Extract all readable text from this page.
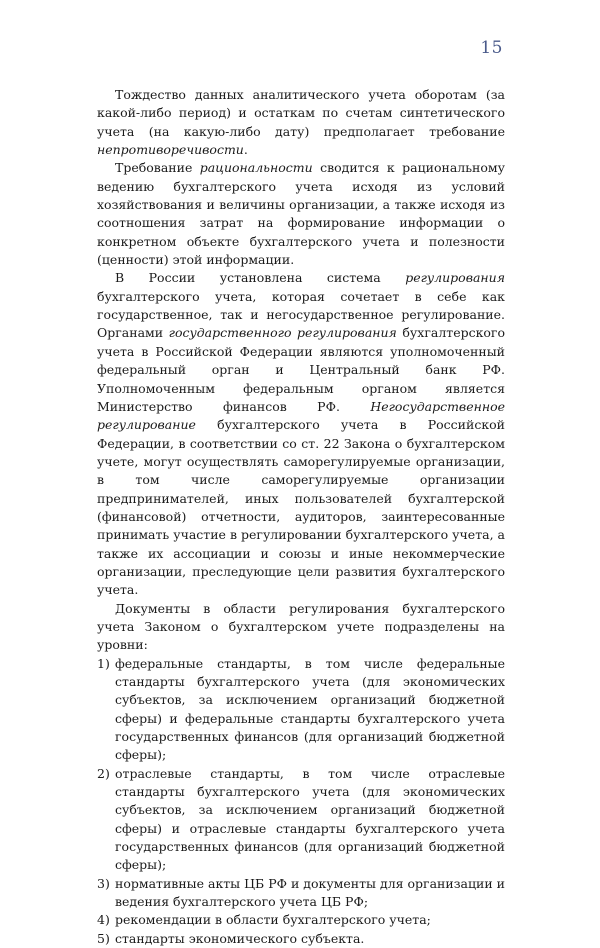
15

Тождество данных аналитического учета оборотам (за какой-либо период) и остаткам по счетам синтетического учета (на какую-либо дату) предполагает требование непротиворечивости.

Требование рациональности сводится к рациональному ведению бухгалтерского учета исходя из условий хозяйствования и величины организации, а также исходя из соотношения затрат на формирование информации о конкретном объекте бухгалтерского учета и полезности (ценности) этой информации.

В России установлена система регулирования бухгалтерского учета, которая сочетает в себе как государственное, так и негосударственное регулирование. Органами государственного регулирования бухгалтерского учета в Российской Федерации являются уполномоченный федеральный орган и Центральный банк РФ. Уполномоченным федеральным органом является Министерство финансов РФ. Негосударственное регулирование бухгалтерского учета в Российской Федерации, в соответствии со ст. 22 Закона о бухгалтерском учете, могут осуществлять саморегулируемые организации, в том числе саморегулируемые организации предпринимателей, иных пользователей бухгалтерской (финансовой) отчетности, аудиторов, заинтересованные принимать участие в регулировании бухгалтерского учета, а также их ассоциации и союзы и иные некоммерческие организации, преследующие цели развития бухгалтерского учета.

Документы в области регулирования бухгалтерского учета Законом о бухгалтерском учете подразделены на уровни:

1) федеральные стандарты, в том числе федеральные стандарты бухгалтерского учета (для экономических субъектов, за исключением организаций бюджетной сферы) и федеральные стандарты бухгалтерского учета государственных финансов (для организаций бюджетной сферы);
2) отраслевые стандарты, в том числе отраслевые стандарты бухгалтерского учета (для экономических субъектов, за исключением организаций бюджетной сферы) и отраслевые стандарты бухгалтерского учета государственных финансов (для организаций бюджетной сферы);
3) нормативные акты ЦБ РФ и документы для организации и ведения бухгалтерского учета ЦБ РФ;
4) рекомендации в области бухгалтерского учета;
5) стандарты экономического субъекта.
